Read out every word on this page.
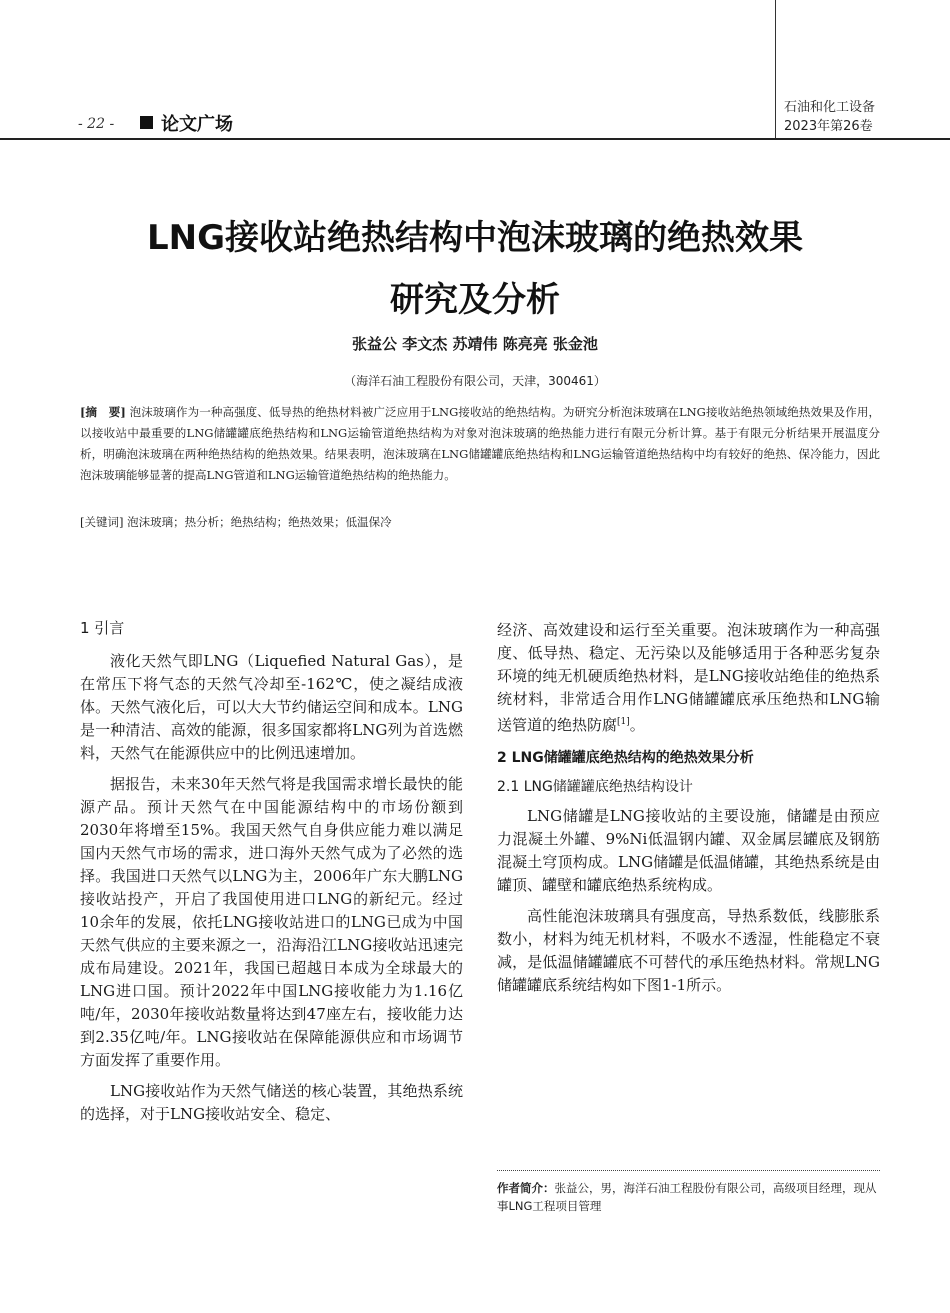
- 22 -	论文广场
石油和化工设备
2023年第26卷
LNG接收站绝热结构中泡沫玻璃的绝热效果
研究及分析
张益公 李文杰 苏靖伟 陈亮亮 张金池
（海洋石油工程股份有限公司，天津，300461）
[摘　要] 泡沫玻璃作为一种高强度、低导热的绝热材料被广泛应用于LNG接收站的绝热结构。为研究分析泡沫玻璃在LNG接收站绝热领域绝热效果及作用，以接收站中最重要的LNG储罐罐底绝热结构和LNG运输管道绝热结构为对象对泡沫玻璃的绝热能力进行有限元分析计算。基于有限元分析结果开展温度分析，明确泡沫玻璃在两种绝热结构的绝热效果。结果表明，泡沫玻璃在LNG储罐罐底绝热结构和LNG运输管道绝热结构中均有较好的绝热、保冷能力，因此泡沫玻璃能够显著的提高LNG管道和LNG运输管道绝热结构的绝热能力。
[关键词] 泡沫玻璃；热分析；绝热结构；绝热效果；低温保冷

1 引言

液化天然气即LNG（Liquefied Natural Gas），是在常压下将气态的天然气冷却至-162℃，使之凝结成液体。天然气液化后，可以大大节约储运空间和成本。LNG是一种清洁、高效的能源，很多国家都将LNG列为首选燃料，天然气在能源供应中的比例迅速增加。

据报告，未来30年天然气将是我国需求增长最快的能源产品。预计天然气在中国能源结构中的市场份额到2030年将增至15%。我国天然气自身供应能力难以满足国内天然气市场的需求，进口海外天然气成为了必然的选择。我国进口天然气以LNG为主，2006年广东大鹏LNG接收站投产，开启了我国使用进口LNG的新纪元。经过10余年的发展，依托LNG接收站进口的LNG已成为中国天然气供应的主要来源之一，沿海沿江LNG接收站迅速完成布局建设。2021年，我国已超越日本成为全球最大的LNG进口国。预计2022年中国LNG接收能力为1.16亿吨/年，2030年接收站数量将达到47座左右，接收能力达到2.35亿吨/年。LNG接收站在保障能源供应和市场调节方面发挥了重要作用。

LNG接收站作为天然气储送的核心装置，其绝热系统的选择，对于LNG接收站安全、稳定、

经济、高效建设和运行至关重要。泡沫玻璃作为一种高强度、低导热、稳定、无污染以及能够适用于各种恶劣复杂环境的纯无机硬质绝热材料，是LNG接收站绝佳的绝热系统材料，非常适合用作LNG储罐罐底承压绝热和LNG输送管道的绝热防腐[1]。

2 LNG储罐罐底绝热结构的绝热效果分析

2.1 LNG储罐罐底绝热结构设计

LNG储罐是LNG接收站的主要设施，储罐是由预应力混凝土外罐、9%Ni低温钢内罐、双金属层罐底及钢筋混凝土穹顶构成。LNG储罐是低温储罐，其绝热系统是由罐顶、罐壁和罐底绝热系统构成。

高性能泡沫玻璃具有强度高，导热系数低，线膨胀系数小，材料为纯无机材料，不吸水不透湿，性能稳定不衰减，是低温储罐罐底不可替代的承压绝热材料。常规LNG储罐罐底系统结构如下图1-1所示。

作者简介：张益公，男，海洋石油工程股份有限公司，高级项目经理，现从事LNG工程项目管理
